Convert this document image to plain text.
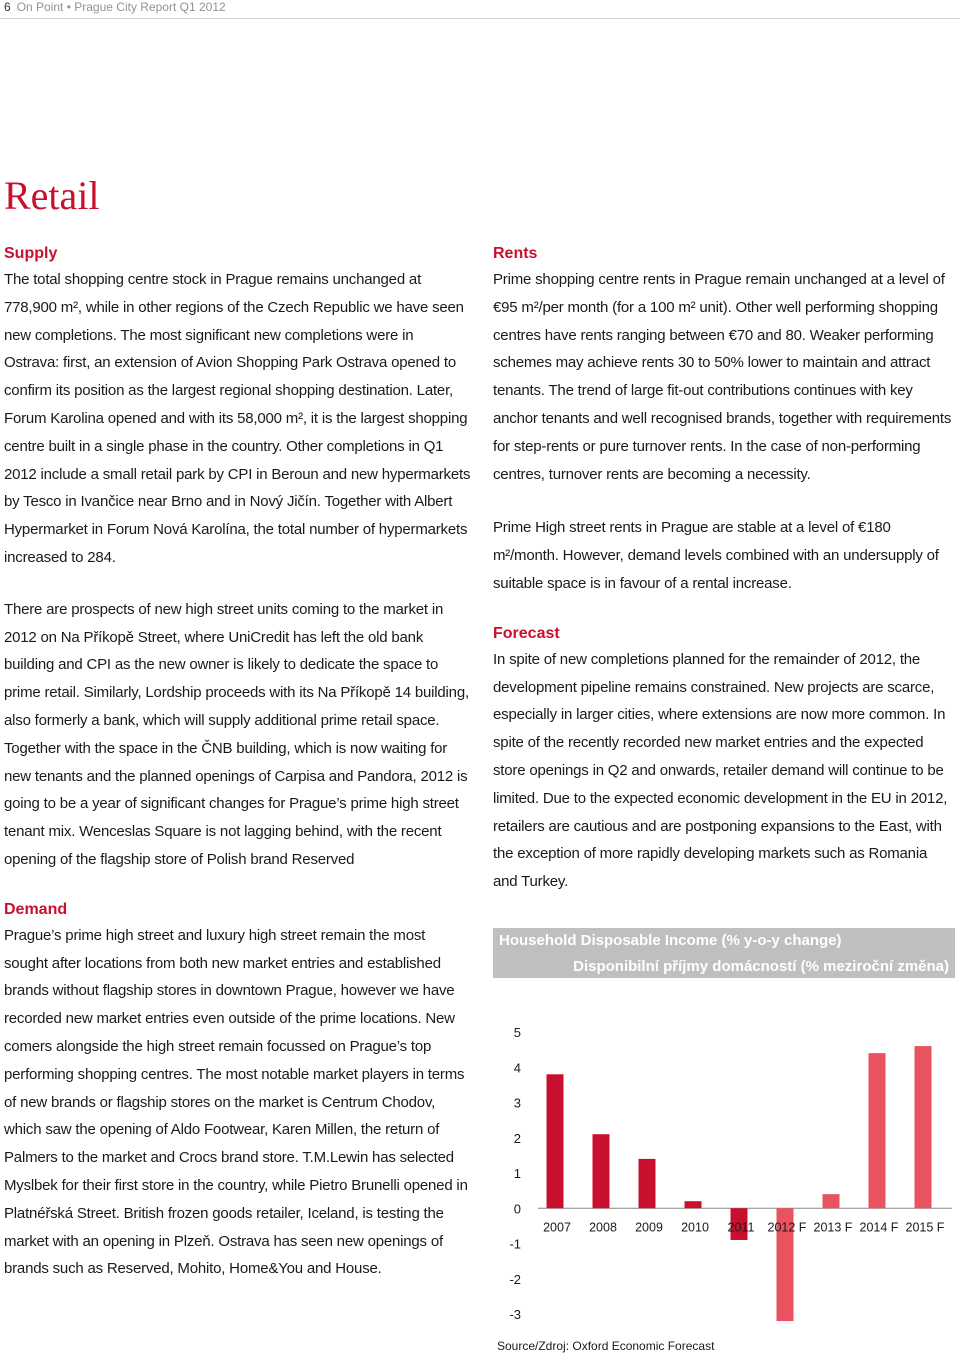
6 On Point • Prague City Report Q1 2012
Retail
Supply

The total shopping centre stock in Prague remains unchanged at 778,900 m², while in other regions of the Czech Republic we have seen new completions. The most significant new completions were in Ostrava: first, an extension of Avion Shopping Park Ostrava opened to confirm its position as the largest regional shopping destination. Later, Forum Karolina opened and with its 58,000 m², it is the largest shopping centre built in a single phase in the country. Other completions in Q1 2012 include a small retail park by CPI in Beroun and new hypermarkets by Tesco in Ivančice near Brno and in Nový Jičín. Together with Albert Hypermarket in Forum Nová Karolína, the total number of hypermarkets increased to 284.

There are prospects of new high street units coming to the market in 2012 on Na Příkopě Street, where UniCredit has left the old bank building and CPI as the new owner is likely to dedicate the space to prime retail. Similarly, Lordship proceeds with its Na Příkopě 14 building, also formerly a bank, which will supply additional prime retail space. Together with the space in the ČNB building, which is now waiting for new tenants and the planned openings of Carpisa and Pandora, 2012 is going to be a year of significant changes for Prague’s prime high street tenant mix. Wenceslas Square is not lagging behind, with the recent opening of the flagship store of Polish brand Reserved

Demand

Prague’s prime high street and luxury high street remain the most sought after locations from both new market entries and established brands without flagship stores in downtown Prague, however we have recorded new market entries even outside of the prime locations. New comers alongside the high street remain focussed on Prague’s top performing shopping centres. The most notable market players in terms of new brands or flagship stores on the market is Centrum Chodov, which saw the opening of Aldo Footwear, Karen Millen, the return of Palmers to the market and Crocs brand store. T.M.Lewin has selected Myslbek for their first store in the country, while Pietro Brunelli opened in Platnéřská Street. British frozen goods retailer, Iceland, is testing the market with an opening in Plzeň. Ostrava has seen new openings of brands such as Reserved, Mohito, Home&You and House.

Rents

Prime shopping centre rents in Prague remain unchanged at a level of €95 m²/per month (for a 100 m² unit). Other well performing shopping centres have rents ranging between €70 and 80. Weaker performing schemes may achieve rents 30 to 50% lower to maintain and attract tenants. The trend of large fit-out contributions continues with key anchor tenants and well recognised brands, together with requirements for step-rents or pure turnover rents. In the case of non-performing centres, turnover rents are becoming a necessity.

Prime High street rents in Prague are stable at a level of €180 m²/month. However, demand levels combined with an undersupply of suitable space is in favour of a rental increase.

Forecast

In spite of new completions planned for the remainder of 2012, the development pipeline remains constrained. New projects are scarce, especially in larger cities, where extensions are now more common. In spite of the recently recorded new market entries and the expected store openings in Q2 and onwards, retailer demand will continue to be limited. Due to the expected economic development in the EU in 2012, retailers are cautious and are postponing expansions to the East, with the exception of more rapidly developing markets such as Romania and Turkey.

Household Disposable Income (% y-o-y change)
Disponibilní příjmy domácností (% meziroční změna)
5
4
3
2
1
0
-1
-2
-3
2007 2008 2009 2010 2011 2012 F 2013 F 2014 F 2015 F
Source/Zdroj: Oxford Economic Forecast
